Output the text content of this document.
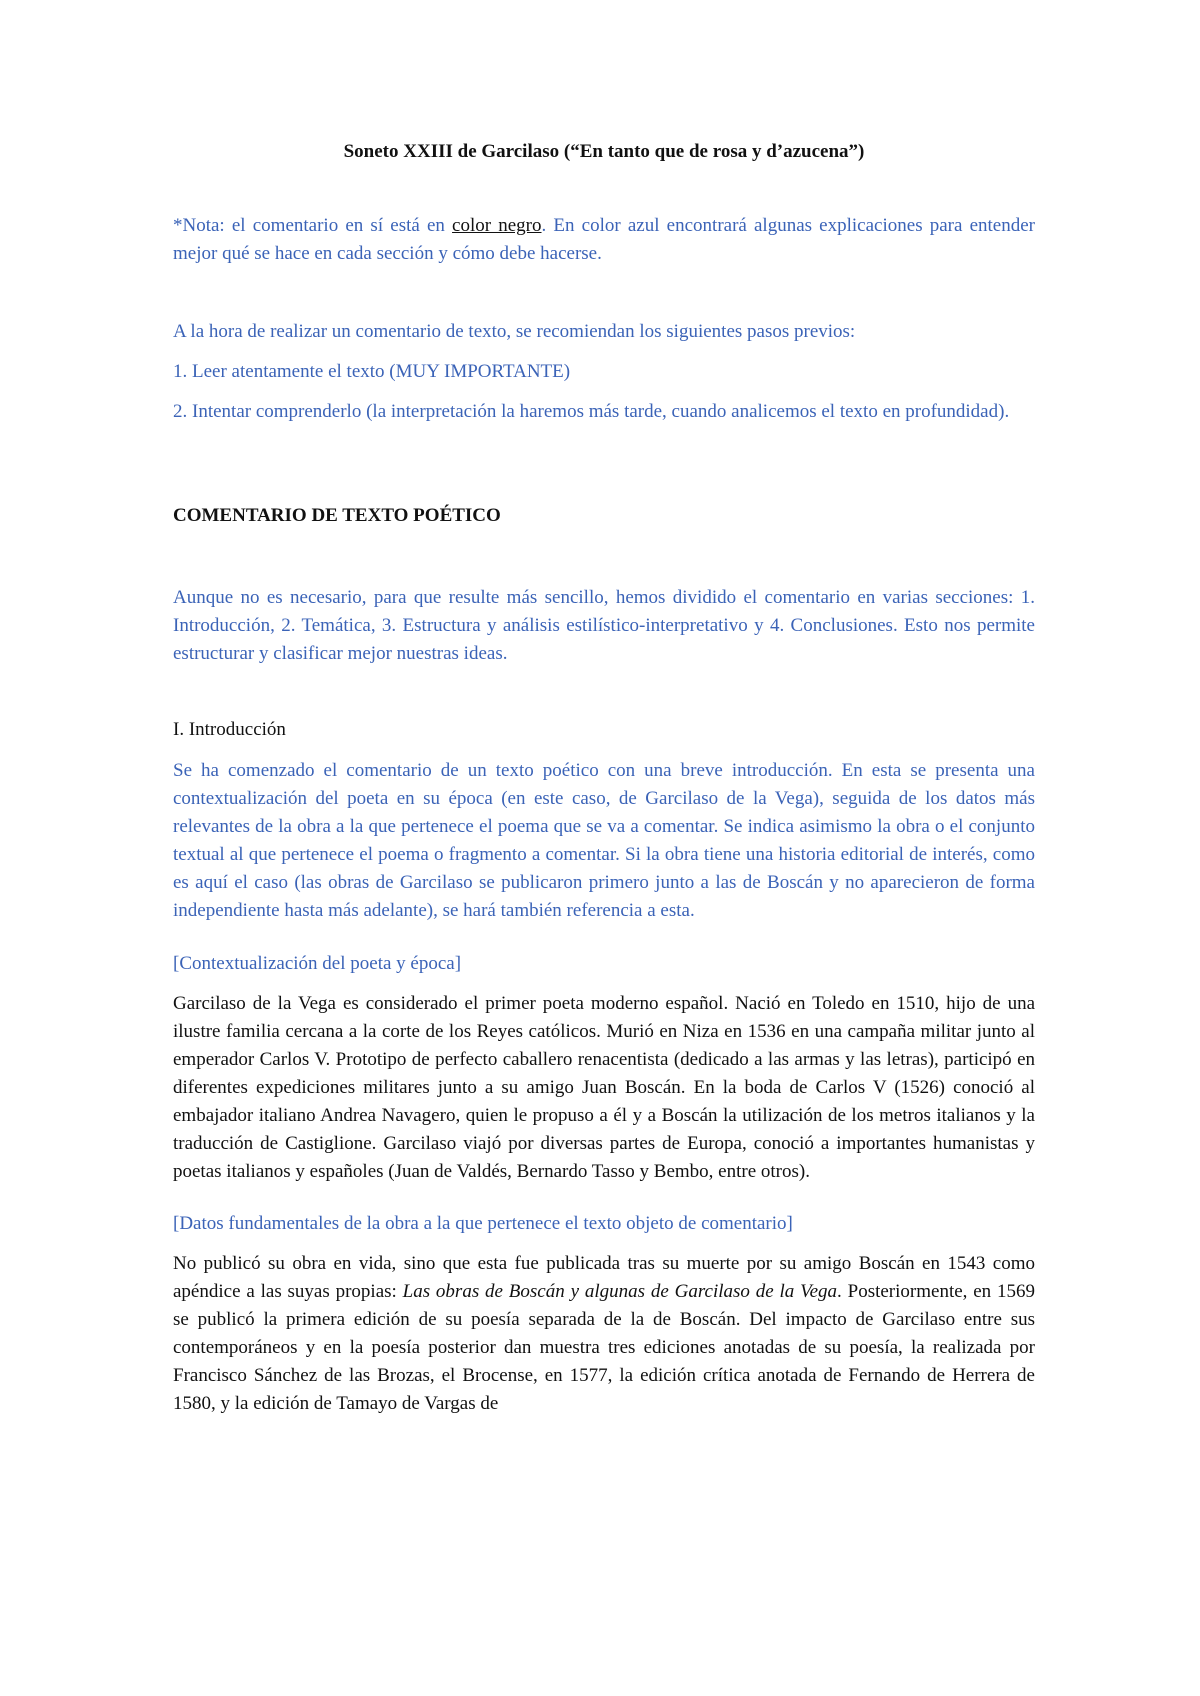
Soneto XXIII de Garcilaso (“En tanto que de rosa y d’azucena”)
*Nota: el comentario en sí está en color negro. En color azul encontrará algunas explicaciones para entender mejor qué se hace en cada sección y cómo debe hacerse.
A la hora de realizar un comentario de texto, se recomiendan los siguientes pasos previos:
1. Leer atentamente el texto (MUY IMPORTANTE)
2. Intentar comprenderlo (la interpretación la haremos más tarde, cuando analicemos el texto en profundidad).
COMENTARIO DE TEXTO POÉTICO
Aunque no es necesario, para que resulte más sencillo, hemos dividido el comentario en varias secciones: 1. Introducción, 2. Temática, 3. Estructura y análisis estilístico-interpretativo y 4. Conclusiones. Esto nos permite estructurar y clasificar mejor nuestras ideas.
I. Introducción
Se ha comenzado el comentario de un texto poético con una breve introducción. En esta se presenta una contextualización del poeta en su época (en este caso, de Garcilaso de la Vega), seguida de los datos más relevantes de la obra a la que pertenece el poema que se va a comentar. Se indica asimismo la obra o el conjunto textual al que pertenece el poema o fragmento a comentar. Si la obra tiene una historia editorial de interés, como es aquí el caso (las obras de Garcilaso se publicaron primero junto a las de Boscán y no aparecieron de forma independiente hasta más adelante), se hará también referencia a esta.
[Contextualización del poeta y época]
Garcilaso de la Vega es considerado el primer poeta moderno español. Nació en Toledo en 1510, hijo de una ilustre familia cercana a la corte de los Reyes católicos. Murió en Niza en 1536 en una campaña militar junto al emperador Carlos V. Prototipo de perfecto caballero renacentista (dedicado a las armas y las letras), participó en diferentes expediciones militares junto a su amigo Juan Boscán. En la boda de Carlos V (1526) conoció al embajador italiano Andrea Navagero, quien le propuso a él y a Boscán la utilización de los metros italianos y la traducción de Castiglione. Garcilaso viajó por diversas partes de Europa, conoció a importantes humanistas y poetas italianos y españoles (Juan de Valdés, Bernardo Tasso y Bembo, entre otros).
[Datos fundamentales de la obra a la que pertenece el texto objeto de comentario]
No publicó su obra en vida, sino que esta fue publicada tras su muerte por su amigo Boscán en 1543 como apéndice a las suyas propias: Las obras de Boscán y algunas de Garcilaso de la Vega. Posteriormente, en 1569 se publicó la primera edición de su poesía separada de la de Boscán. Del impacto de Garcilaso entre sus contemporáneos y en la poesía posterior dan muestra tres ediciones anotadas de su poesía, la realizada por Francisco Sánchez de las Brozas, el Brocense, en 1577, la edición crítica anotada de Fernando de Herrera de 1580, y la edición de Tamayo de Vargas de
